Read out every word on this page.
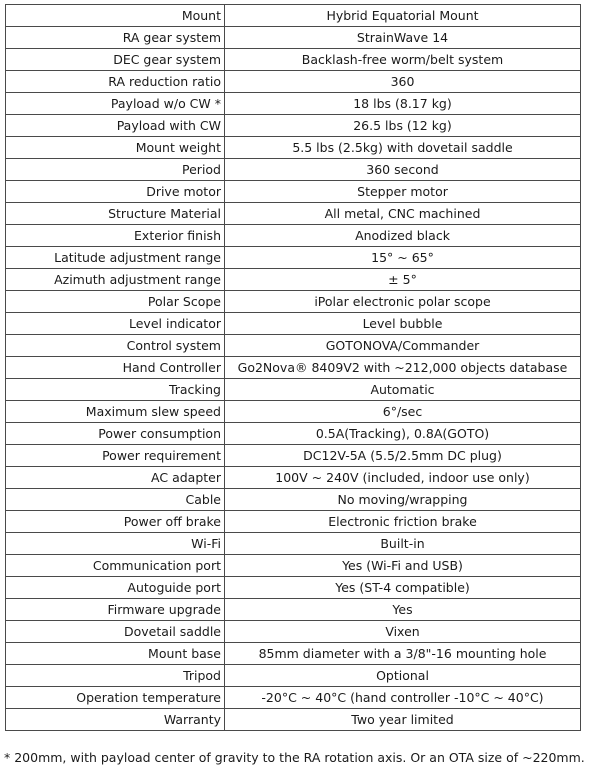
Mount	Hybrid Equatorial Mount
RA gear system	StrainWave 14
DEC gear system	Backlash-free worm/belt system
RA reduction ratio	360
Payload w/o CW *	18 lbs (8.17 kg)
Payload with CW	26.5 lbs (12 kg)
Mount weight	5.5 lbs (2.5kg) with dovetail saddle
Period	360 second
Drive motor	Stepper motor
Structure Material	All metal, CNC machined
Exterior finish	Anodized black
Latitude adjustment range	15° ~ 65°
Azimuth adjustment range	± 5°
Polar Scope	iPolar electronic polar scope
Level indicator	Level bubble
Control system	GOTONOVA/Commander
Hand Controller	Go2Nova® 8409V2 with ~212,000 objects database
Tracking	Automatic
Maximum slew speed	6°/sec
Power consumption	0.5A(Tracking), 0.8A(GOTO)
Power requirement	DC12V-5A (5.5/2.5mm DC plug)
AC adapter	100V ~ 240V (included, indoor use only)
Cable	No moving/wrapping
Power off brake	Electronic friction brake
Wi-Fi	Built-in
Communication port	Yes (Wi-Fi and USB)
Autoguide port	Yes (ST-4 compatible)
Firmware upgrade	Yes
Dovetail saddle	Vixen
Mount base	85mm diameter with a 3/8"-16 mounting hole
Tripod	Optional
Operation temperature	-20°C ~ 40°C (hand controller -10°C ~ 40°C)
Warranty	Two year limited
* 200mm, with payload center of gravity to the RA rotation axis. Or an OTA size of ~220mm.
